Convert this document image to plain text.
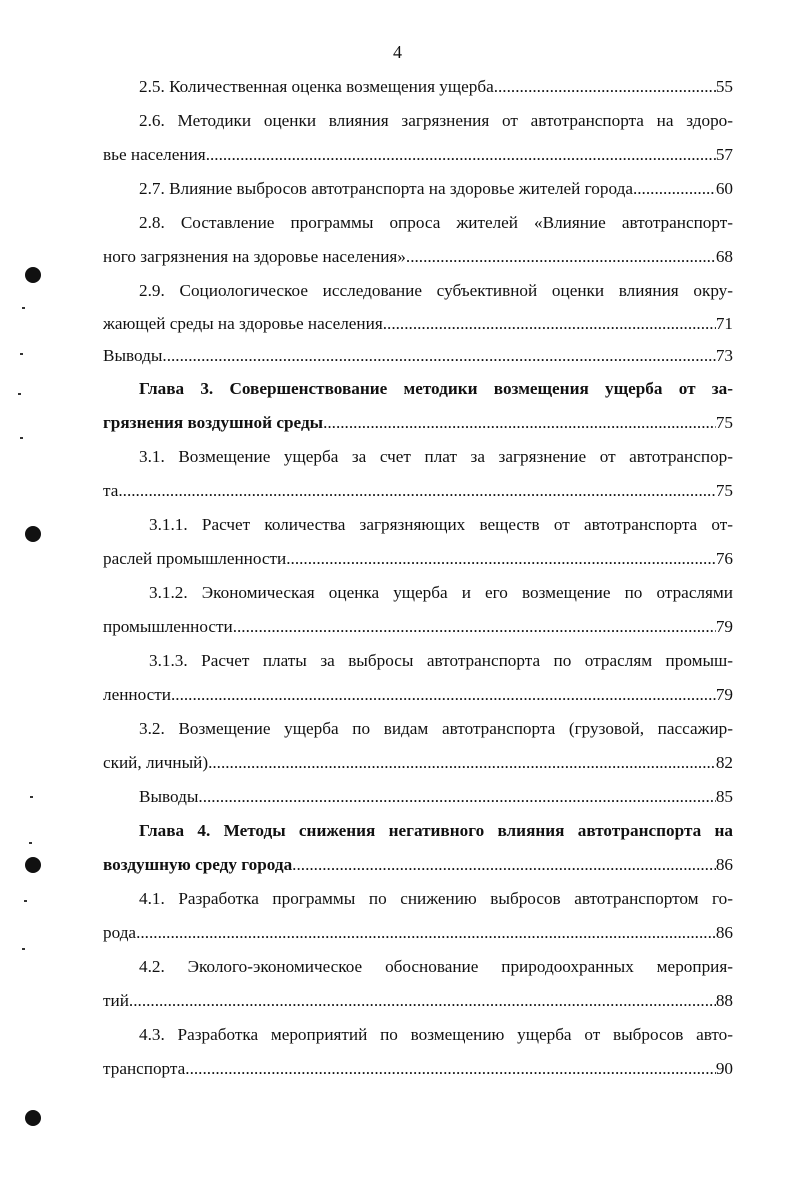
4
2.5. Количественная оценка возмещения ущерба .....	55
2.6. Методики оценки влияния загрязнения от автотранспорта на здоро-
вье населения .....	57
2.7. Влияние выбросов автотранспорта на здоровье жителей города .....	60
2.8. Составление программы опроса жителей «Влияние автотранспорт-
ного загрязнения на здоровье населения» .....	68
2.9. Социологическое исследование субъективной оценки влияния окру-
жающей среды на здоровье населения .....	71
Выводы .....	73
Глава 3. Совершенствование методики возмещения ущерба от за-
грязнения воздушной среды .....	75
3.1. Возмещение ущерба за счет плат за загрязнение от автотранспор-
та .....	75
3.1.1. Расчет количества загрязняющих веществ от автотранспорта от-
раслей промышленности .....	76
3.1.2. Экономическая оценка ущерба и его возмещение по отраслями
промышленности .....	79
3.1.3. Расчет платы за выбросы автотранспорта по отраслям промыш-
ленности .....	79
3.2. Возмещение ущерба по видам автотранспорта (грузовой, пассажир-
ский, личный) .....	82
Выводы .....	85
Глава 4. Методы снижения негативного влияния автотранспорта на
воздушную среду города .....	86
4.1. Разработка программы по снижению выбросов автотранспортом го-
рода .....	86
4.2. Эколого-экономическое обоснование природоохранных мероприя-
тий .....	88
4.3. Разработка мероприятий по возмещению ущерба от выбросов авто-
транспорта .....	90
